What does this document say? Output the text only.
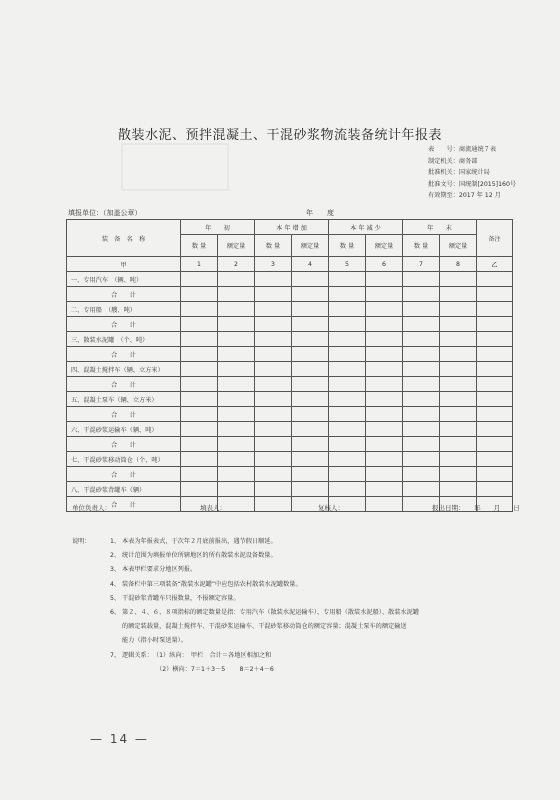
散装水泥、预拌混凝土、干混砂浆物流装备统计年报表
表　　号：商流通统７表
制定机关：商务部
批准机关：国家统计局
批准文号：国统制[2015]160号
有效期至：2017 年 12 月
填报单位：（加盖公章）	年　　度
装　备　名　称	年　　初		本 年 增 加		本 年 减 少		年　　末		备注
	数 量	额定量	数 量	额定量	数 量	额定量	数 量	额定量	
甲	1	2	3	4	5	6	7	8	乙
一、专用汽车　（辆、吨）									
合　　计									
二、专用船　（艘、吨）									
合　　计									
三、散装水泥罐　（个、吨）									
合　　计									
四、混凝土搅拌车（辆、立方米）									
合　　计									
五、混凝土泵车（辆、立方米）									
合　　计									
六、干混砂浆运输车（辆、吨）									
合　　计									
七、干混砂浆移动筒仓（个、吨）									
合　　计									
八、干混砂浆背罐车（辆）									
合　　计									
单位负责人：	填表人：	复核人：	报出日期：　　年　　月　　日
说明：	1、 本表为年报表式，于次年２月底前报出，遇节假日顺延。
2、 统计范围为填报单位所辖地区的所有散装水泥设备数量。
3、 本表甲栏要求分地区列报。
4、 装备栏中第三项装备“散装水泥罐”中应包括农村散装水泥罐数量。
5、 干混砂浆背罐车只报数量，不报额定容量。
6、 第２、４、６、８项指标的额定数量是指：专用汽车（散装水泥运输车）、专用船（散装水泥船）、散装水泥罐
的额定装载量，混凝土搅拌车、干混砂浆运输车、干混砂浆移动筒仓的额定容量；混凝土泵车的额定输送
能力（指小时泵送量）。
7、 逻辑关系：　（1）纵向：　甲栏　合计＝各地区相加之和
　　　　　　（2）横向：7＝1＋3－5　　 8＝2＋4－6
— 14 —
